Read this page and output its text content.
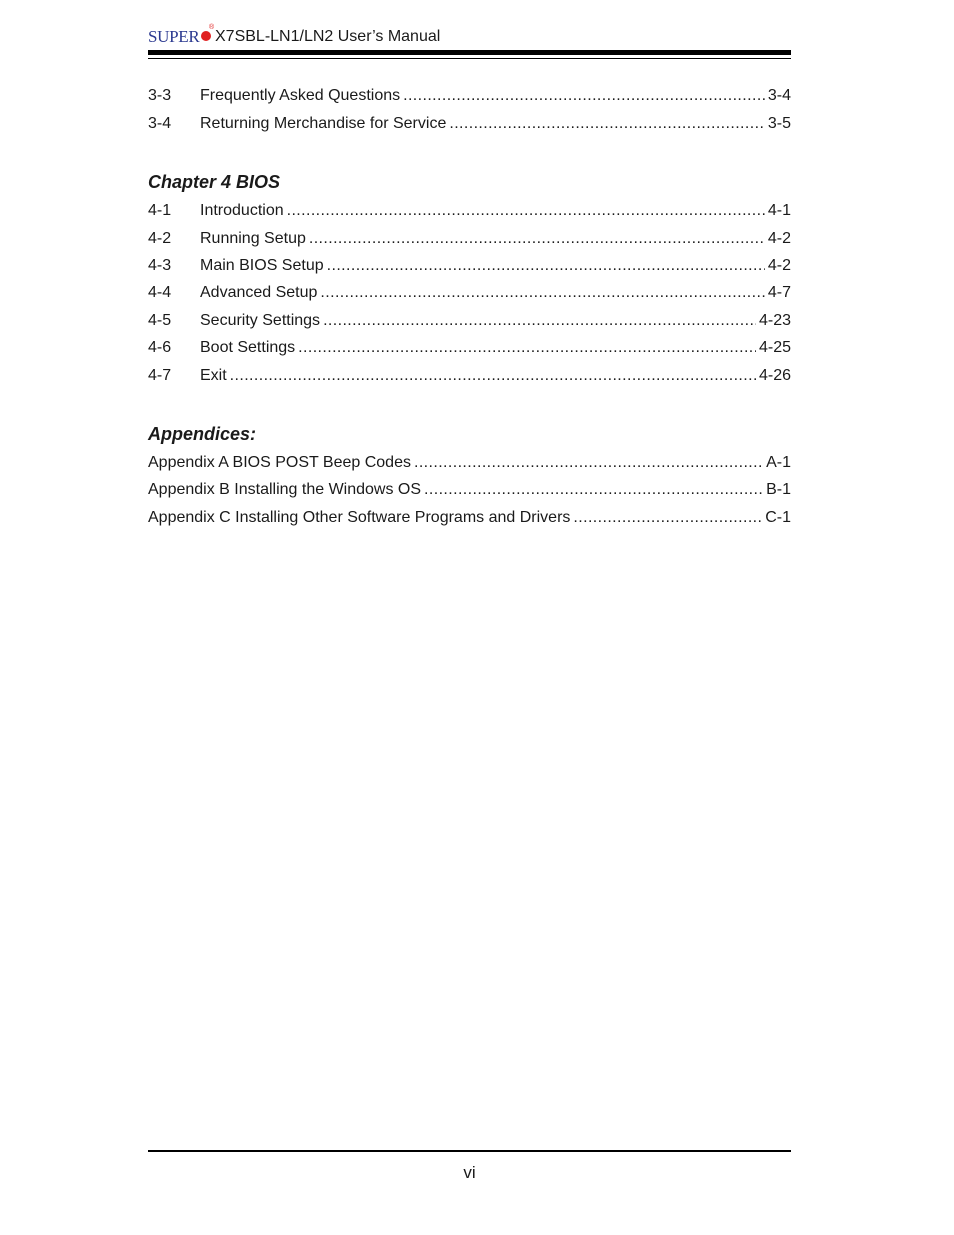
SUPER	®
X7SBL-LN1/LN2 User’s Manual
3-3	Frequently Asked Questions .....	3-4
3-4	Returning Merchandise for Service .....	3-5
Chapter 4 BIOS
4-1	Introduction .....	4-1
4-2	Running Setup .....	4-2
4-3	Main BIOS Setup .....	4-2
4-4	Advanced Setup .....	4-7
4-5	Security Settings .....	4-23
4-6	Boot Settings .....	4-25
4-7	Exit .....	4-26
Appendices:
Appendix A BIOS POST Beep Codes .....	A-1
Appendix B Installing the Windows OS .....	B-1
Appendix C Installing Other Software Programs and Drivers .....	C-1
vi
